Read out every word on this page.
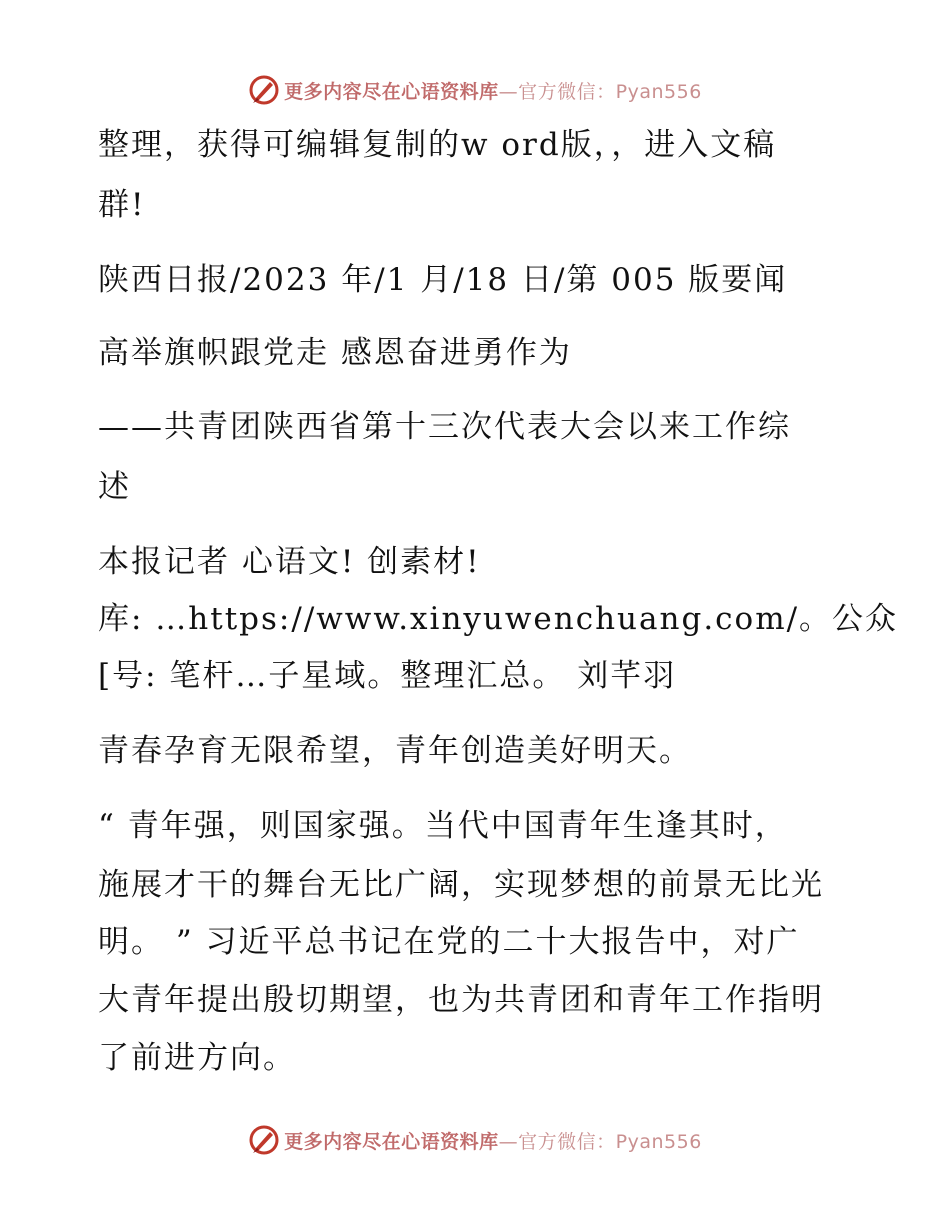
更多内容尽在心语资料库—官方微信：Pyan556
整理，获得可编辑复制的w ord版，，进入文稿
群!
陕西日报/2023 年/1 月/18 日/第 005 版要闻
高举旗帜跟党走 感恩奋进勇作为
——共青团陕西省第十三次代表大会以来工作综
述
本报记者 心语文! 创素材!
库: …https://www.xinyuwenchuang.com/。公众
[号: 笔杆…子星域。整理汇总。 刘芊羽
青春孕育无限希望，青年创造美好明天。
“ 青年强，则国家强。当代中国青年生逢其时，
施展才干的舞台无比广阔，实现梦想的前景无比光
明。 ” 习近平总书记在党的二十大报告中，对广
大青年提出殷切期望，也为共青团和青年工作指明
了前进方向。
更多内容尽在心语资料库—官方微信：Pyan556
